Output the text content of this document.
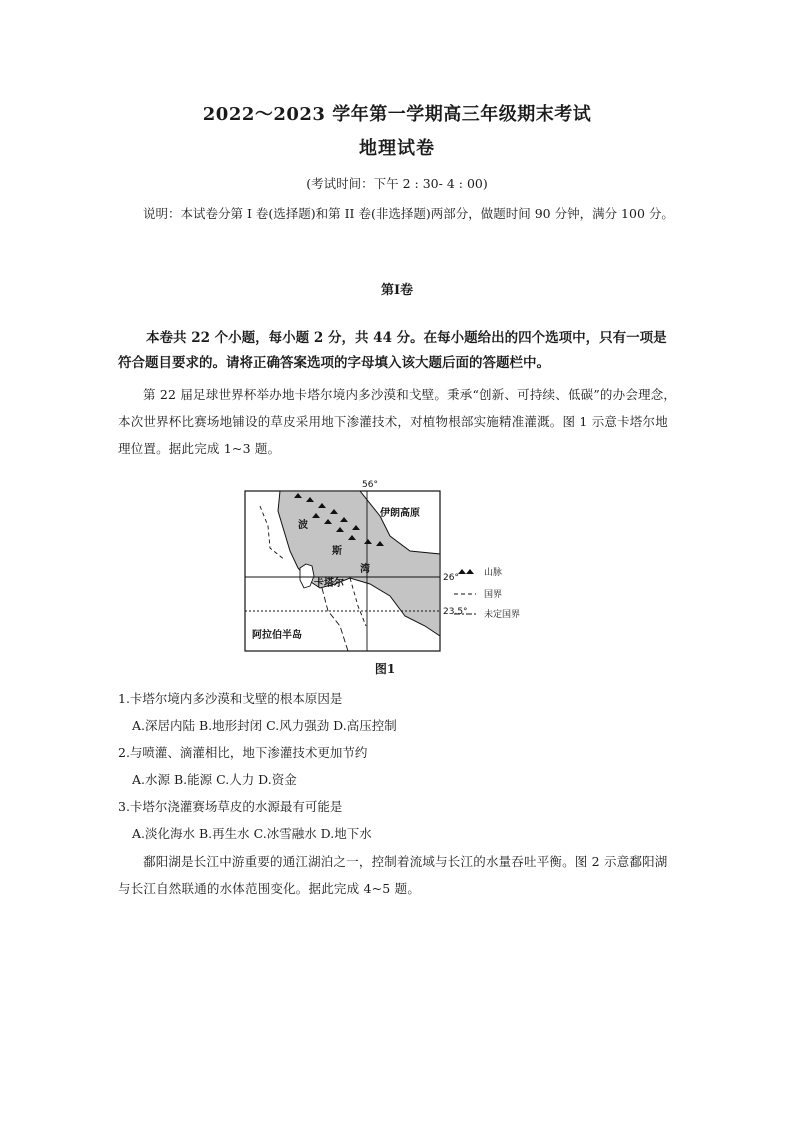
2022～2023 学年第一学期高三年级期末考试
地理试卷
(考试时间：下午 2 : 30- 4 : 00)
说明：本试卷分第 I 卷(选择题)和第 II 卷(非选择题)两部分，做题时间 90 分钟，满分 100 分。
第Ⅰ卷
本卷共 22 个小题，每小题 2 分，共 44 分。在每小题给出的四个选项中，只有一项是符合题目要求的。请将正确答案选项的字母填入该大题后面的答题栏中。
第 22 届足球世界杯举办地卡塔尔境内多沙漠和戈壁。秉承“创新、可持续、低碳”的办会理念，本次世界杯比赛场地铺设的草皮采用地下渗灌技术，对植物根部实施精准灌溉。图 1 示意卡塔尔地理位置。据此完成 1~3 题。
56°
26°
23.5°
伊朗高原
波
斯
湾
卡塔尔
阿拉伯半岛
山脉
国界
未定国界
图1
1.卡塔尔境内多沙漠和戈壁的根本原因是
A.深居内陆 B.地形封闭 C.风力强劲 D.高压控制
2.与喷灌、滴灌相比，地下渗灌技术更加节约
A.水源 B.能源 C.人力 D.资金
3.卡塔尔浇灌赛场草皮的水源最有可能是
A.淡化海水 B.再生水 C.冰雪融水 D.地下水
鄱阳湖是长江中游重要的通江湖泊之一，控制着流域与长江的水量吞吐平衡。图 2 示意鄱阳湖与长江自然联通的水体范围变化。据此完成 4~5 题。
